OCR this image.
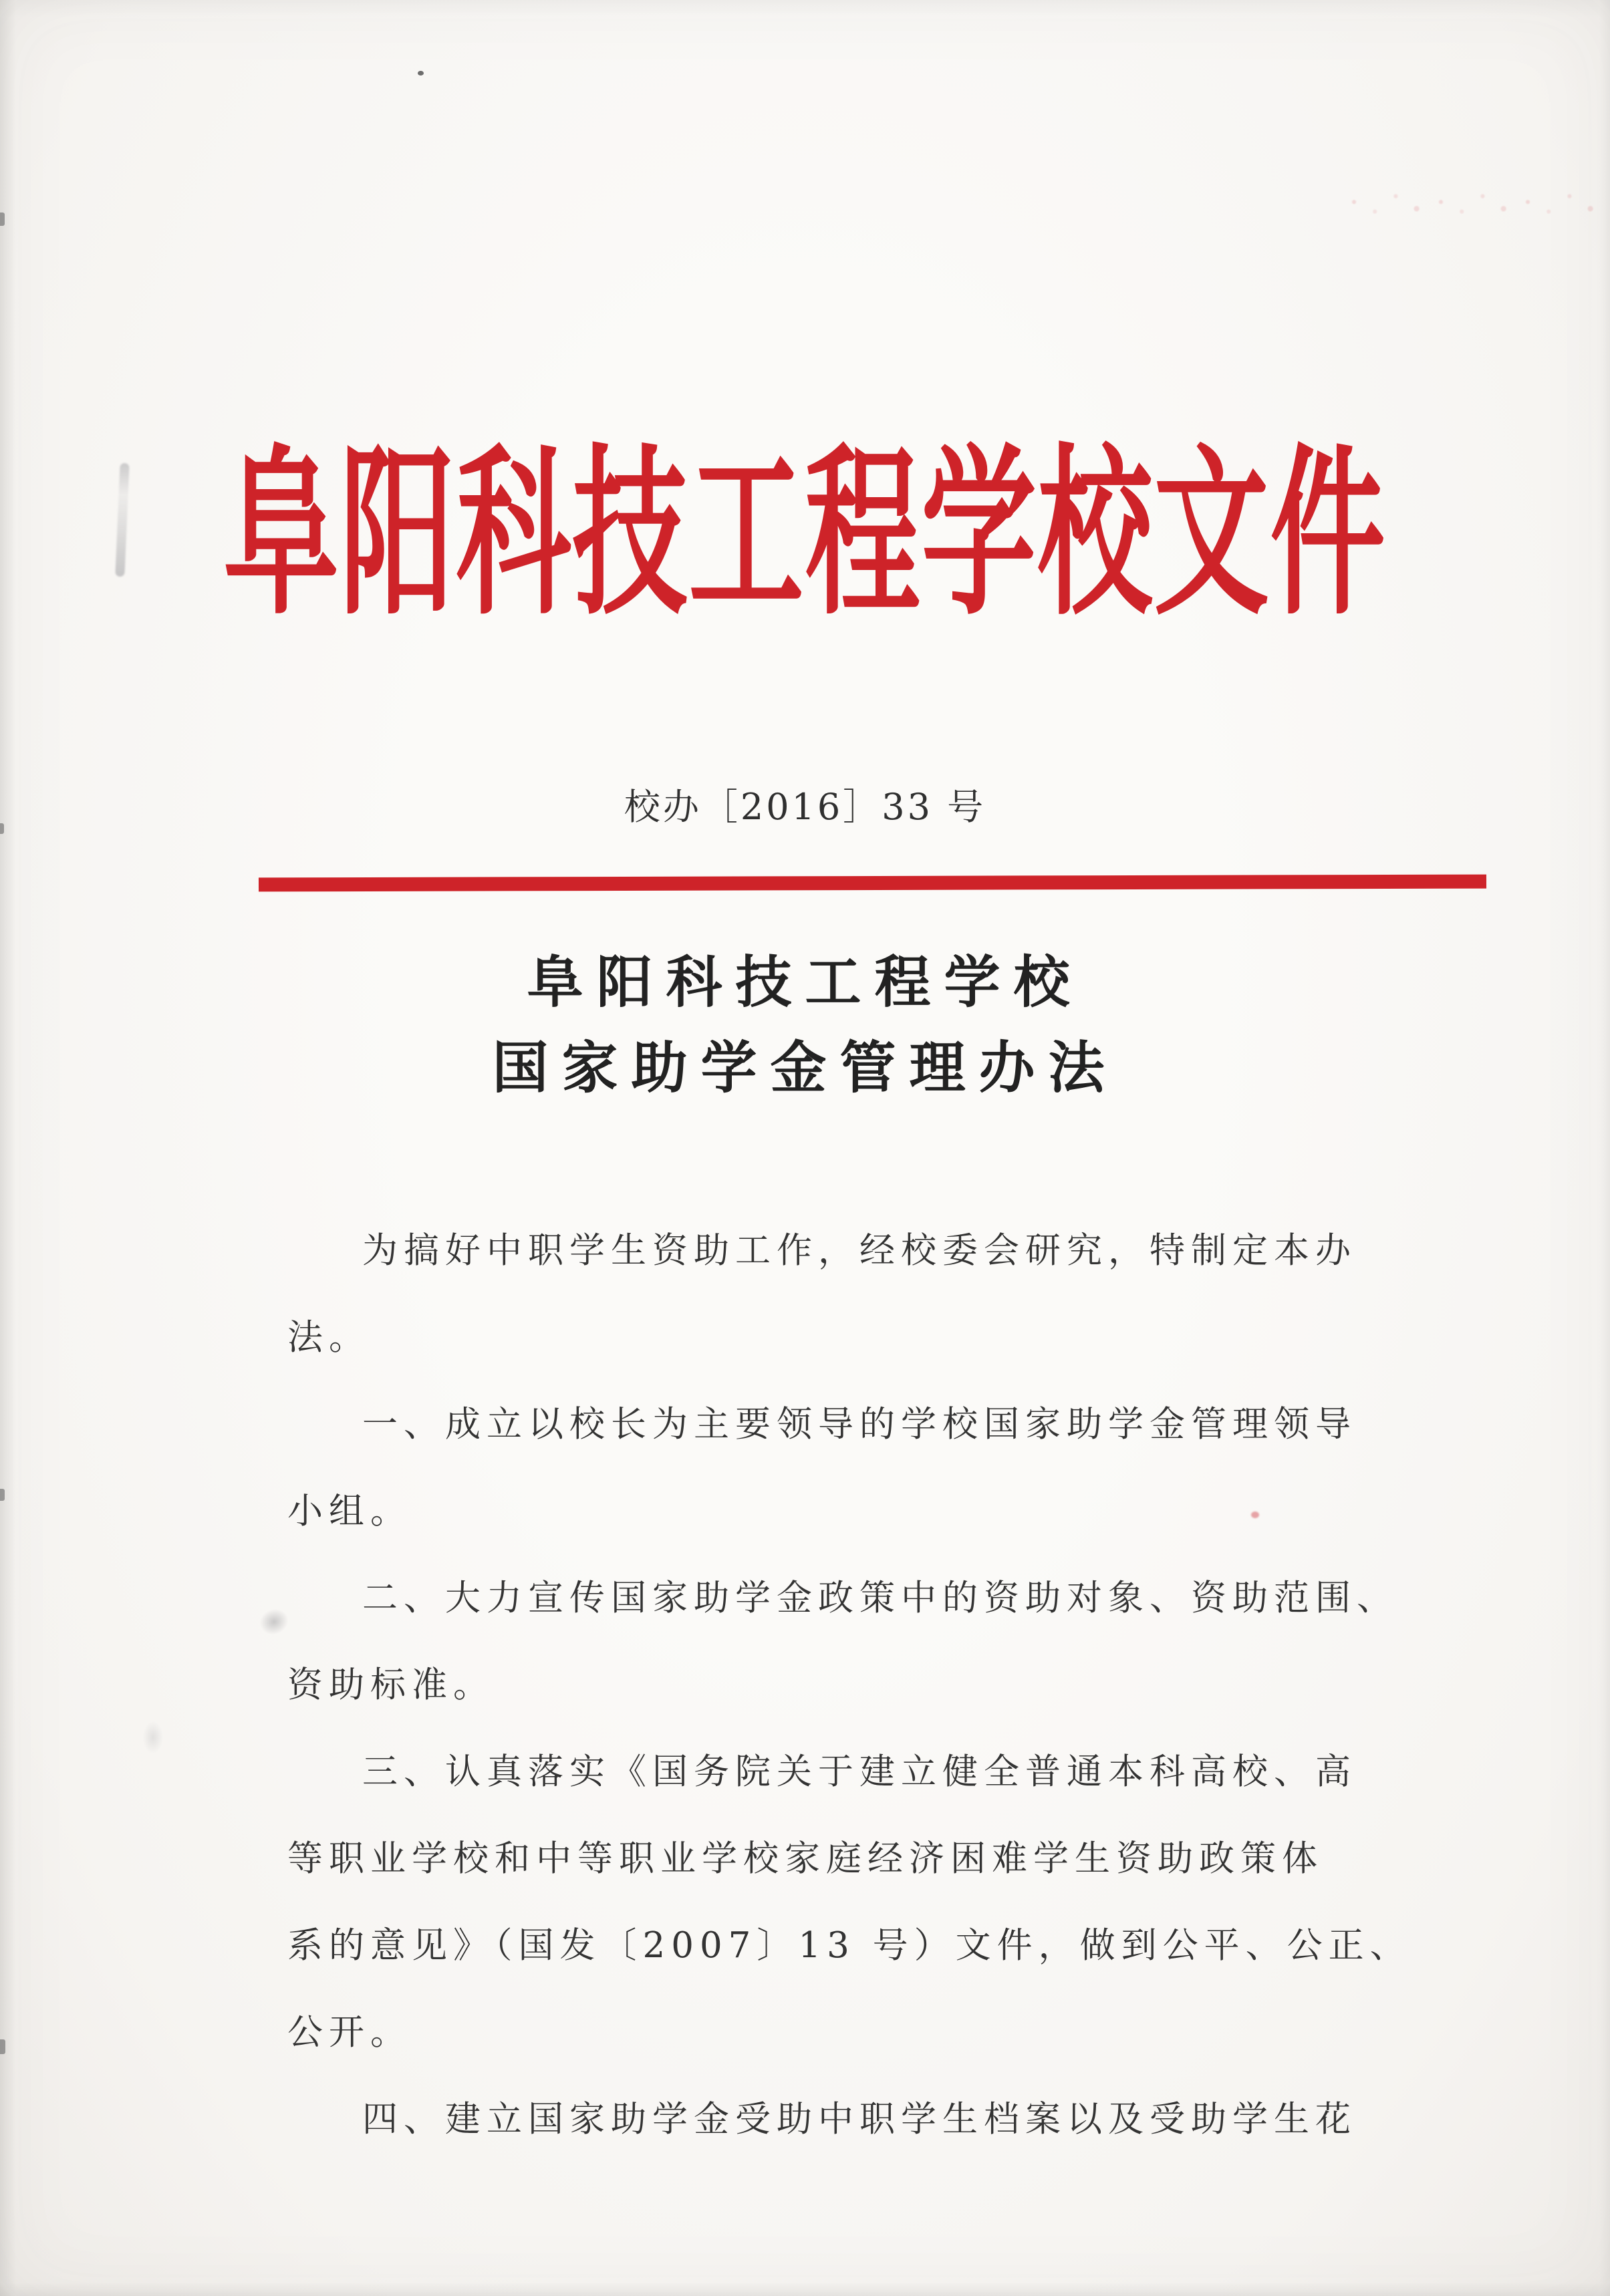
阜阳科技工程学校文件
校办［2016］33 号
阜阳科技工程学校
国家助学金管理办法
为搞好中职学生资助工作，经校委会研究，特制定本办
法。
一、成立以校长为主要领导的学校国家助学金管理领导
小组。
二、大力宣传国家助学金政策中的资助对象、资助范围、
资助标准。
三、认真落实《国务院关于建立健全普通本科高校、高
等职业学校和中等职业学校家庭经济困难学生资助政策体
系的意见》（国发〔2007〕13 号）文件，做到公平、公正、
公开。
四、建立国家助学金受助中职学生档案以及受助学生花
